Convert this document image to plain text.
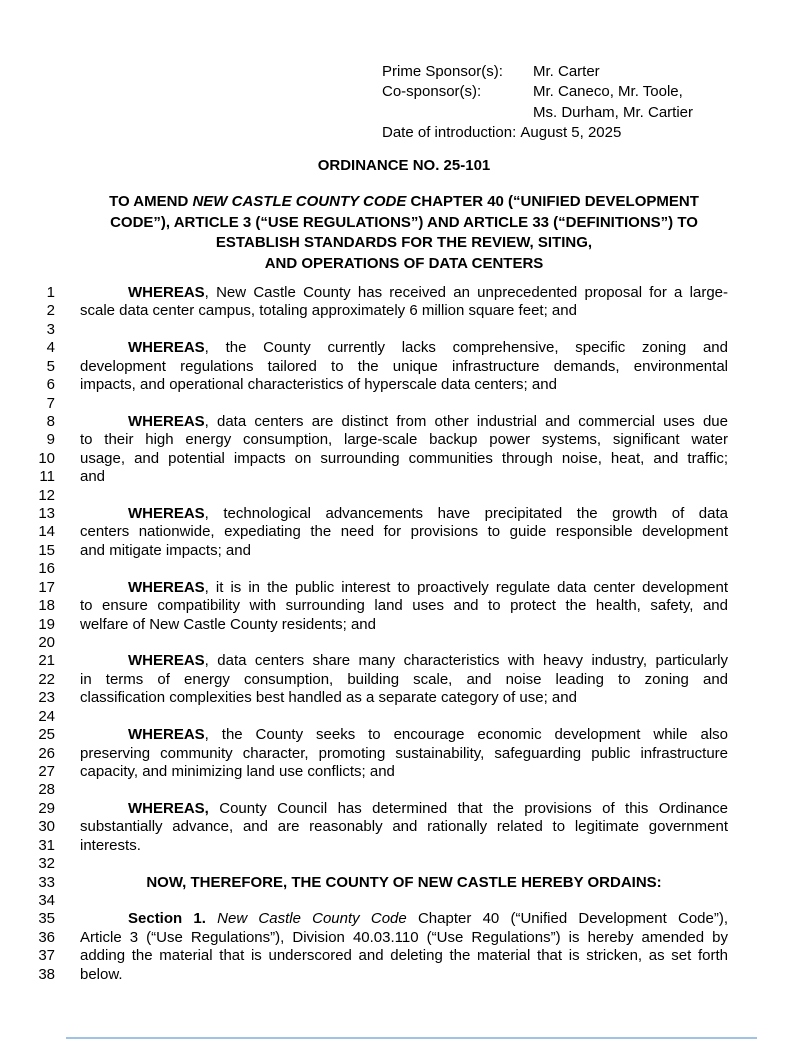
Prime Sponsor(s):	Mr. Carter
Co-sponsor(s):	Mr. Caneco, Mr. Toole,
Ms. Durham, Mr. Cartier
Date of introduction:
August 5, 2025
ORDINANCE NO. 25-101
TO AMEND NEW CASTLE COUNTY CODE CHAPTER 40 (“UNIFIED DEVELOPMENT
CODE”), ARTICLE 3 (“USE REGULATIONS”) AND ARTICLE 33 (“DEFINITIONS”) TO
ESTABLISH STANDARDS FOR THE REVIEW, SITING,
AND OPERATIONS OF DATA CENTERS
1	WHEREAS, New Castle County has received an unprecedented proposal for a large-
2 scale data center campus, totaling approximately 6 million square feet; and
3
4	WHEREAS, the County currently lacks comprehensive, specific zoning and
5 development regulations tailored to the unique infrastructure demands, environmental
6 impacts, and operational characteristics of hyperscale data centers; and
7
8	WHEREAS, data centers are distinct from other industrial and commercial uses due
9 to their high energy consumption, large-scale backup power systems, significant water
10 usage, and potential impacts on surrounding communities through noise, heat, and traffic;
11 and
12
13	WHEREAS, technological advancements have precipitated the growth of data
14 centers nationwide, expediating the need for provisions to guide responsible development
15 and mitigate impacts; and
16
17	WHEREAS, it is in the public interest to proactively regulate data center development
18 to ensure compatibility with surrounding land uses and to protect the health, safety, and
19 welfare of New Castle County residents; and
20
21	WHEREAS, data centers share many characteristics with heavy industry, particularly
22 in terms of energy consumption, building scale, and noise leading to zoning and
23 classification complexities best handled as a separate category of use; and
24
25	WHEREAS, the County seeks to encourage economic development while also
26 preserving community character, promoting sustainability, safeguarding public infrastructure
27 capacity, and minimizing land use conflicts; and
28
29	WHEREAS, County Council has determined that the provisions of this Ordinance
30 substantially advance, and are reasonably and rationally related to legitimate government
31 interests.
32
33	NOW, THEREFORE, THE COUNTY OF NEW CASTLE HEREBY ORDAINS:
34
35	Section 1. New Castle County Code Chapter 40 (“Unified Development Code”),
36 Article 3 (“Use Regulations”), Division 40.03.110 (“Use Regulations”) is hereby amended by
37 adding the material that is underscored and deleting the material that is stricken, as set forth
38 below.
